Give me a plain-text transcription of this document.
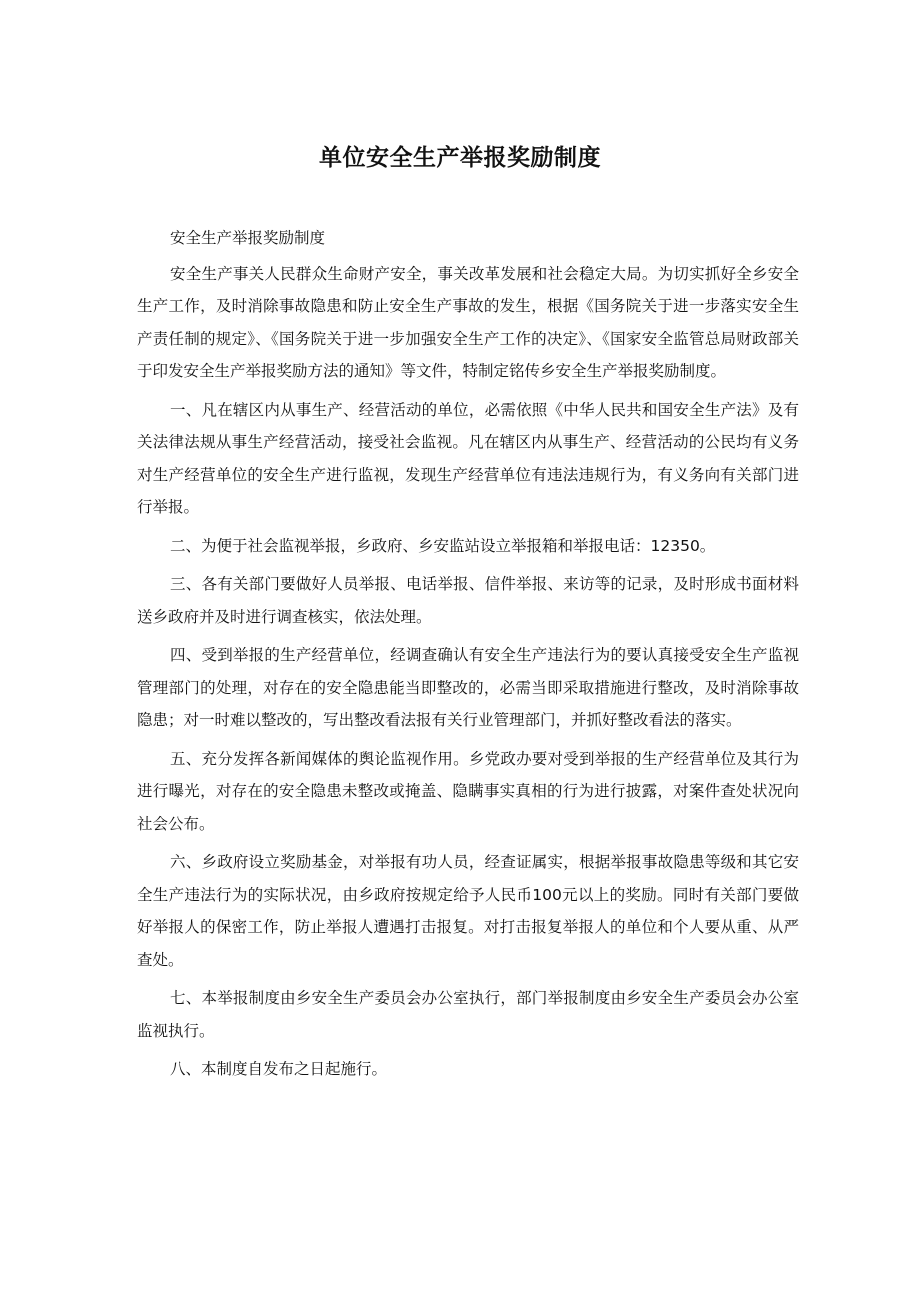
单位安全生产举报奖励制度

安全生产举报奖励制度

安全生产事关人民群众生命财产安全，事关改革发展和社会稳定大局。为切实抓好全乡安全生产工作，及时消除事故隐患和防止安全生产事故的发生，根据《国务院关于进一步落实安全生产责任制的规定》、《国务院关于进一步加强安全生产工作的决定》、《国家安全监管总局财政部关于印发安全生产举报奖励方法的通知》等文件，特制定铭传乡安全生产举报奖励制度。

一、凡在辖区内从事生产、经营活动的单位，必需依照《中华人民共和国安全生产法》及有关法律法规从事生产经营活动，接受社会监视。凡在辖区内从事生产、经营活动的公民均有义务对生产经营单位的安全生产进行监视，发现生产经营单位有违法违规行为，有义务向有关部门进行举报。

二、为便于社会监视举报，乡政府、乡安监站设立举报箱和举报电话：12350。

三、各有关部门要做好人员举报、电话举报、信件举报、来访等的记录，及时形成书面材料送乡政府并及时进行调查核实，依法处理。

四、受到举报的生产经营单位，经调查确认有安全生产违法行为的要认真接受安全生产监视管理部门的处理，对存在的安全隐患能当即整改的，必需当即采取措施进行整改，及时消除事故隐患；对一时难以整改的，写出整改看法报有关行业管理部门，并抓好整改看法的落实。

五、充分发挥各新闻媒体的舆论监视作用。乡党政办要对受到举报的生产经营单位及其行为进行曝光，对存在的安全隐患未整改或掩盖、隐瞒事实真相的行为进行披露，对案件查处状况向社会公布。

六、乡政府设立奖励基金，对举报有功人员，经查证属实，根据举报事故隐患等级和其它安全生产违法行为的实际状况，由乡政府按规定给予人民币100元以上的奖励。同时有关部门要做好举报人的保密工作，防止举报人遭遇打击报复。对打击报复举报人的单位和个人要从重、从严查处。

七、本举报制度由乡安全生产委员会办公室执行，部门举报制度由乡安全生产委员会办公室监视执行。

八、本制度自发布之日起施行。
